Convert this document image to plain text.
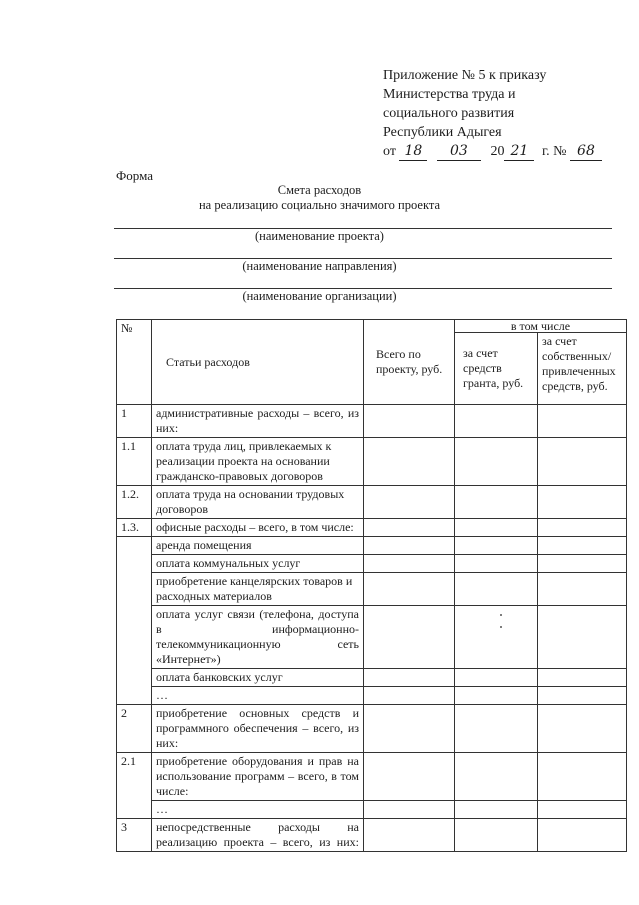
Приложение № 5 к приказу
Министерства труда и
социального развития
Республики Адыгея
от 18 03 20 21 г. № 68
Форма
Смета расходов
на реализацию социально значимого проекта
(наименование проекта)
(наименование направления)
(наименование организации)
№	Статьи расходов	Всего по проекту, руб.	в том числе	
			за счет средств гранта, руб.	за счет собственных/ привлеченных средств, руб.
1	административные расходы – всего, из них:			
1.1	оплата труда лиц, привлекаемых к реализации проекта на основании гражданско-правовых договоров			
1.2.	оплата труда на основании трудовых договоров			
1.3.	офисные расходы – всего, в том числе:			
	аренда помещения			
	оплата коммунальных услуг			
	приобретение канцелярских товаров и расходных материалов			
	оплата услуг связи (телефона, доступа в информационно-телекоммуникационную сеть «Интернет»)		

	оплата банковских услуг			
	…			
2	приобретение основных средств и программного обеспечения – всего, из них:			
2.1	приобретение оборудования и прав на использование программ – всего, в том числе:			
	…			
3	непосредственные расходы на реализацию проекта – всего, из них:			
